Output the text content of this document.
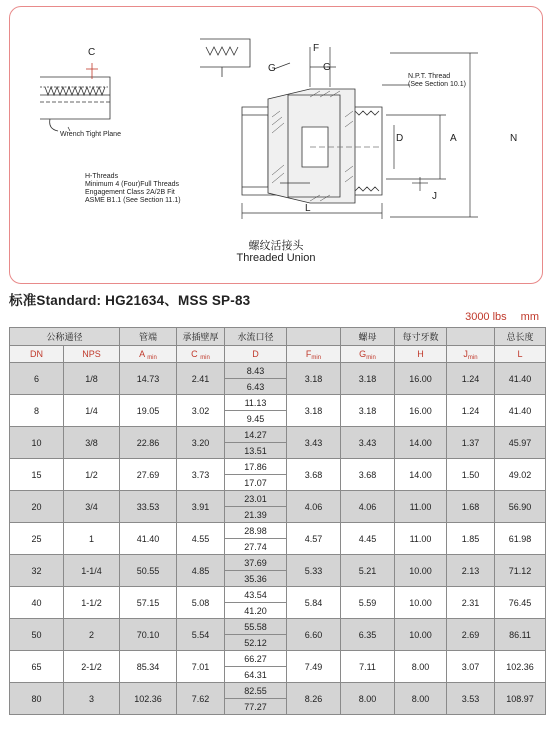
C
G
F
G
N.P.T. Thread
(See Section 10.1)
D	A	N
J
L
Wrench Tight Plane
H-Threads
Minimum 4 (Four)Full Threads
Engagement Class 2A/2B Fit
ASME B1.1 (See Section 11.1)
螺纹活接头
Threaded Union
标准Standard: HG21634、MSS SP-83
3000 lbs mm
公称通径		管端	承插壁厚	水流口径		螺母	每寸牙数		总长度
DN	NPS	A $_{min}$	C $_{min}$	D	$F_{min}$	$G_{min}$	H	$J_{min}$	L
6	1/8	14.73	2.41	8.43	3.18	3.18	16.00	1.24	41.40
				6.43					
8	1/4	19.05	3.02	11.13	3.18	3.18	16.00	1.24	41.40
				9.45					
10	3/8	22.86	3.20	14.27	3.43	3.43	14.00	1.37	45.97
				13.51					
15	1/2	27.69	3.73	17.86	3.68	3.68	14.00	1.50	49.02
				17.07					
20	3/4	33.53	3.91	23.01	4.06	4.06	11.00	1.68	56.90
				21.39					
25	1	41.40	4.55	28.98	4.57	4.45	11.00	1.85	61.98
				27.74					
32	1-1/4	50.55	4.85	37.69	5.33	5.21	10.00	2.13	71.12
				35.36					
40	1-1/2	57.15	5.08	43.54	5.84	5.59	10.00	2.31	76.45
				41.20					
50	2	70.10	5.54	55.58	6.60	6.35	10.00	2.69	86.11
				52.12					
65	2-1/2	85.34	7.01	66.27	7.49	7.11	8.00	3.07	102.36
				64.31					
80	3	102.36	7.62	82.55	8.26	8.00	8.00	3.53	108.97
				77.27					
